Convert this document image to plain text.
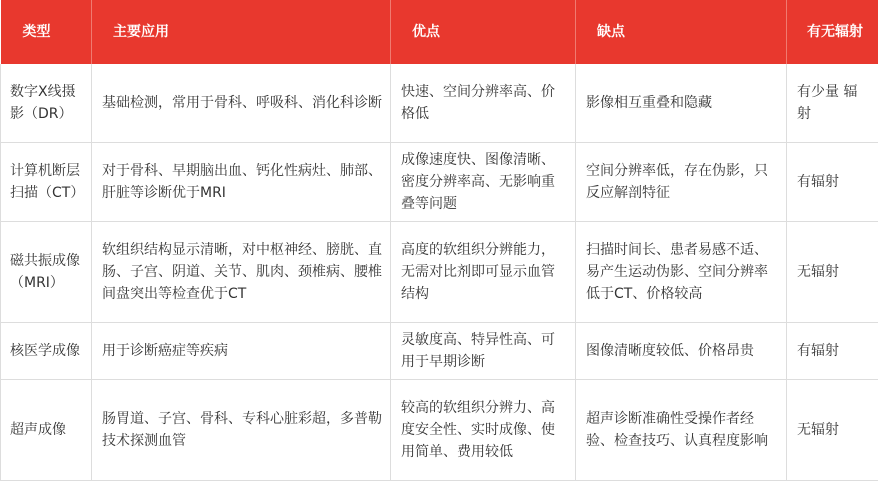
类型	主要应用	优点	缺点	有无辐射
数字X线摄影（DR）	基础检测，常用于骨科、呼吸科、消化科诊断	快速、空间分辨率高、价格低	影像相互重叠和隐藏	有少量 辐射
计算机断层扫描（CT）	对于骨科、早期脑出血、钙化性病灶、肺部、肝脏等诊断优于MRI	成像速度快、图像清晰、密度分辨率高、无影响重叠等问题	空间分辨率低，存在伪影，只反应解剖特征	有辐射
磁共振成像（MRI）	软组织结构显示清晰，对中枢神经、膀胱、直肠、子宫、阴道、关节、肌肉、颈椎病、腰椎间盘突出等检查优于CT	高度的软组织分辨能力，无需对比剂即可显示血管结构	扫描时间长、患者易感不适、易产生运动伪影、空间分辨率低于CT、价格较高	无辐射
核医学成像	用于诊断癌症等疾病	灵敏度高、特异性高、可用于早期诊断	图像清晰度较低、价格昂贵	有辐射
超声成像	肠胃道、子宫、骨科、专科心脏彩超，多普勒技术探测血管	较高的软组织分辨力、高度安全性、实时成像、使用简单、费用较低	超声诊断准确性受操作者经验、检查技巧、认真程度影响	无辐射
